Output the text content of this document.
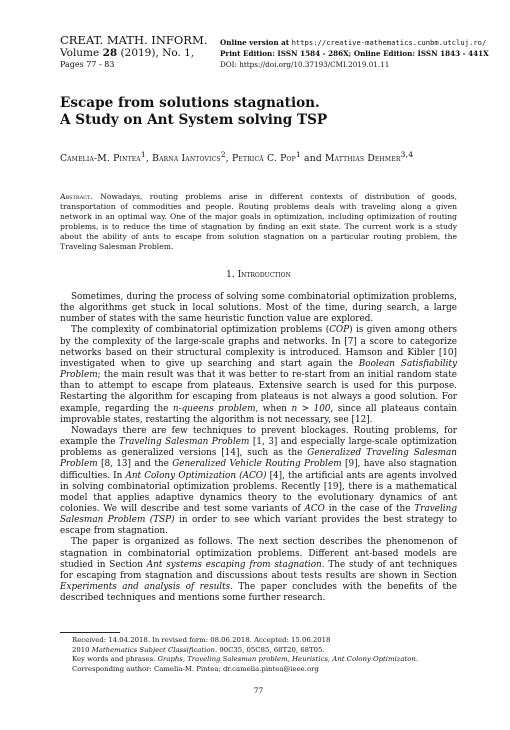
CREAT. MATH. INFORM.
Volume 28 (2019), No. 1,
Pages 77 - 83
Online version at https://creative-mathematics.cunbm.utcluj.ro/
Print Edition: ISSN 1584 - 286X; Online Edition: ISSN 1843 - 441X
DOI: https://doi.org/10.37193/CMI.2019.01.11
Escape from solutions stagnation.
A Study on Ant System solving TSP
Camelia-M. Pintea$^1$, Barna Iantovics$^2$, Petrică C. Pop$^1$ and Matthias Dehmer$^{3,4}$
Abstract. Nowadays, routing problems arise in different contexts of distribution of goods, transportation of commodities and people. Routing problems deals with traveling along a given network in an optimal way. One of the major goals in optimization, including optimization of routing problems, is to reduce the time of stagnation by finding an exit state. The current work is a study about the ability of ants to escape from solution stagnation on a particular routing problem, the Traveling Salesman Problem.
1. Introduction

Sometimes, during the process of solving some combinatorial optimization problems, the algorithms get stuck in local solutions. Most of the time, during search, a large number of states with the same heuristic function value are explored.

The complexity of combinatorial optimization problems (COP) is given among others by the complexity of the large-scale graphs and networks. In [7] a score to categorize networks based on their structural complexity is introduced. Hamson and Kibler [10] investigated when to give up searching and start again the Boolean Satisfiability Problem; the main result was that it was better to re-start from an initial random state than to attempt to escape from plateaus. Extensive search is used for this purpose. Restarting the algorithm for escaping from plateaus is not always a good solution. For example, regarding the n-queens problem, when n > 100, since all plateaus contain improvable states, restarting the algorithm is not necessary, see [12].

Nowadays there are few techniques to prevent blockages. Routing problems, for example the Traveling Salesman Problem [1, 3] and especially large-scale optimization problems as generalized versions [14], such as the Generalized Traveling Salesman Problem [8, 13] and the Generalized Vehicle Routing Problem [9], have also stagnation difficulties. In Ant Colony Optimization (ACO) [4], the artificial ants are agents involved in solving combinatorial optimization problems. Recently [19], there is a mathematical model that applies adaptive dynamics theory to the evolutionary dynamics of ant colonies. We will describe and test some variants of ACO in the case of the Traveling Salesman Problem (TSP) in order to see which variant provides the best strategy to escape from stagnation.

The paper is organized as follows. The next section describes the phenomenon of stagnation in combinatorial optimization problems. Different ant-based models are studied in Section Ant systems escaping from stagnation. The study of ant techniques for escaping from stagnation and discussions about tests results are shown in Section Experiments and analysis of results. The paper concludes with the benefits of the described techniques and mentions some further research.

Received: 14.04.2018. In revised form: 08.06.2018. Accepted: 15.06.2018
2010 Mathematics Subject Classification. 90C35, 05C85, 68T20, 68T05.
Key words and phrases. Graphs, Traveling Salesman problem, Heuristics, Ant Colony Optimizaton.
Corresponding author: Camelia-M. Pintea; dr.camelia.pintea@ieee.org
77
